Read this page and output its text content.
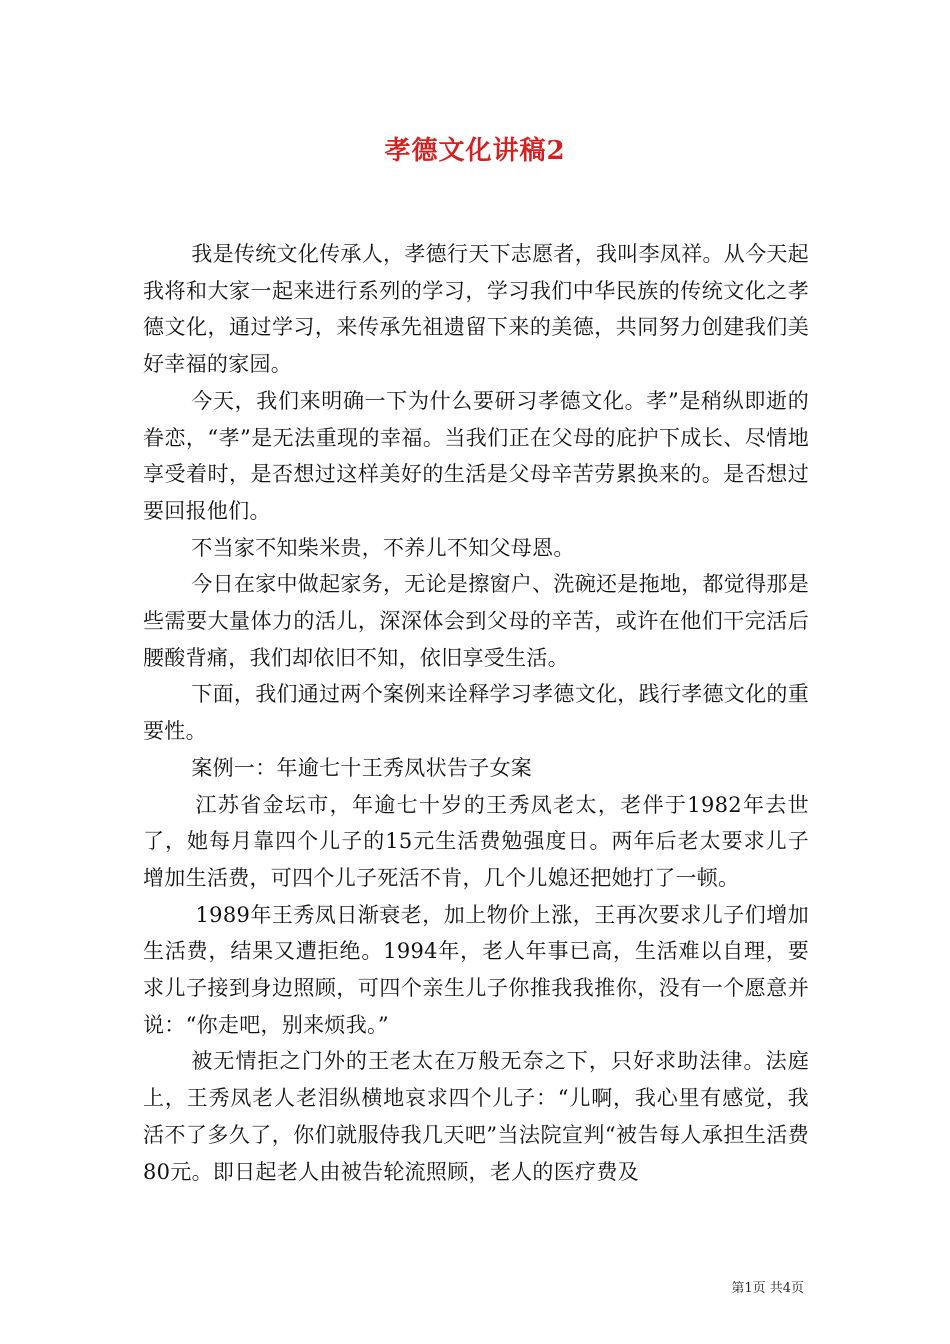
孝德文化讲稿2

我是传统文化传承人，孝德行天下志愿者，我叫李凤祥。从今天起我将和大家一起来进行系列的学习，学习我们中华民族的传统文化之孝德文化，通过学习，来传承先祖遗留下来的美德，共同努力创建我们美好幸福的家园。

今天，我们来明确一下为什么要研习孝德文化。孝”是稍纵即逝的眷恋，“孝”是无法重现的幸福。当我们正在父母的庇护下成长、尽情地享受着时，是否想过这样美好的生活是父母辛苦劳累换来的。是否想过要回报他们。

不当家不知柴米贵，不养儿不知父母恩。

今日在家中做起家务，无论是擦窗户、洗碗还是拖地，都觉得那是些需要大量体力的活儿，深深体会到父母的辛苦，或许在他们干完活后腰酸背痛，我们却依旧不知，依旧享受生活。

下面，我们通过两个案例来诠释学习孝德文化，践行孝德文化的重要性。

案例一：年逾七十王秀凤状告子女案

江苏省金坛市，年逾七十岁的王秀凤老太，老伴于1982年去世了，她每月靠四个儿子的15元生活费勉强度日。两年后老太要求儿子增加生活费，可四个儿子死活不肯，几个儿媳还把她打了一顿。

1989年王秀凤日渐衰老，加上物价上涨，王再次要求儿子们增加生活费，结果又遭拒绝。1994年，老人年事已高，生活难以自理，要求儿子接到身边照顾，可四个亲生儿子你推我我推你，没有一个愿意并说：“你走吧，别来烦我。”

被无情拒之门外的王老太在万般无奈之下，只好求助法律。法庭上，王秀凤老人老泪纵横地哀求四个儿子：“儿啊，我心里有感觉，我活不了多久了，你们就服侍我几天吧”当法院宣判“被告每人承担生活费80元。即日起老人由被告轮流照顾，老人的医疗费及

第1页 共4页
